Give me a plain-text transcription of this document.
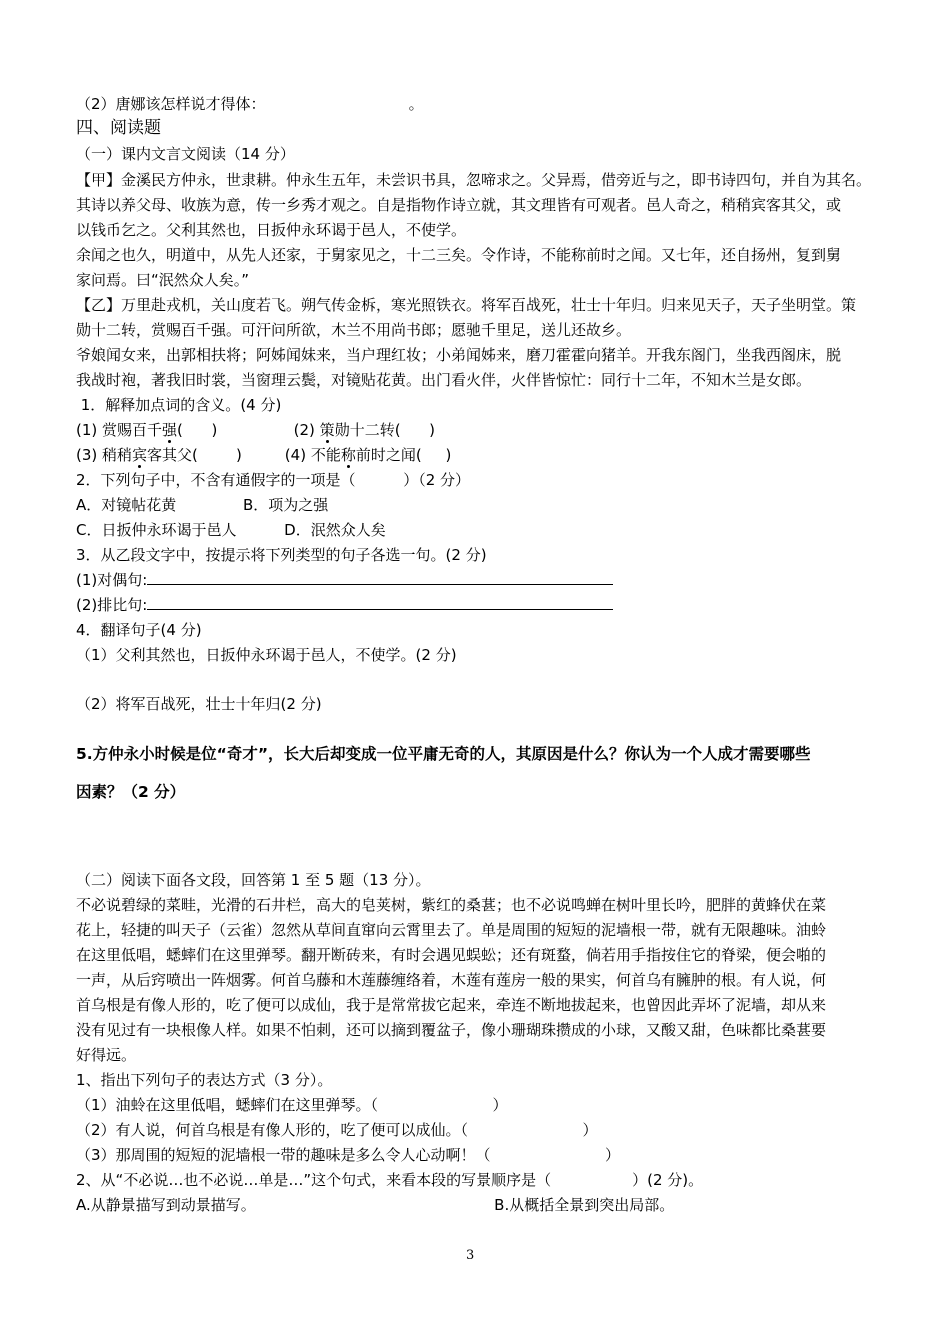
（2）唐娜该怎样说才得体：                              。
四、阅读题
（一）课内文言文阅读（14 分）
【甲】金溪民方仲永，世隶耕。仲永生五年，未尝识书具，忽啼求之。父异焉，借旁近与之，即书诗四句，并自为其名。
其诗以养父母、收族为意，传一乡秀才观之。自是指物作诗立就，其文理皆有可观者。邑人奇之，稍稍宾客其父，或
以钱币乞之。父利其然也，日扳仲永环谒于邑人，不使学。
余闻之也久，明道中，从先人还家，于舅家见之，十二三矣。令作诗，不能称前时之闻。又七年，还自扬州，复到舅
家问焉。曰“泯然众人矣。”
【乙】万里赴戎机，关山度若飞。朔气传金柝，寒光照铁衣。将军百战死，壮士十年归。归来见天子，天子坐明堂。策
勋十二转，赏赐百千强。可汗问所欲，木兰不用尚书郎；愿驰千里足，送儿还故乡。
爷娘闻女来，出郭相扶将；阿姊闻妹来，当户理红妆；小弟闻姊来，磨刀霍霍向猪羊。开我东阁门，坐我西阁床，脱
我战时袍，著我旧时裳，当窗理云鬓，对镜贴花黄。出门看火伴，火伴皆惊忙：同行十二年，不知木兰是女郎。
1．解释加点词的含义。(4 分)
(1) 赏赐百千强(      )                (2) 策勋十二转(      )
(3) 稍稍宾客其父(        )         (4) 不能称前时之闻(     )
2．下列句子中，不含有通假字的一项是（          ）（2 分）
A．对镜帖花黄              B．项为之强
C．日扳仲永环谒于邑人          D．泯然众人矣
3．从乙段文字中，按提示将下列类型的句子各选一句。(2 分)
(1)对偶句:
(2)排比句:
4．翻译句子(4 分)
（1）父利其然也，日扳仲永环谒于邑人，不使学。(2 分)
（2）将军百战死，壮士十年归(2 分)
5.方仲永小时候是位“奇才”，长大后却变成一位平庸无奇的人，其原因是什么？你认为一个人成才需要哪些
因素？（2 分）
（二）阅读下面各文段，回答第 1 至 5 题（13 分）。
不必说碧绿的菜畦，光滑的石井栏，高大的皂荚树，紫红的桑葚；也不必说鸣蝉在树叶里长吟，肥胖的黄蜂伏在菜
花上，轻捷的叫天子（云雀）忽然从草间直窜向云霄里去了。单是周围的短短的泥墙根一带，就有无限趣味。油蛉
在这里低唱，蟋蟀们在这里弹琴。翻开断砖来，有时会遇见蜈蚣；还有斑蝥，倘若用手指按住它的脊梁，便会啪的
一声，从后窍喷出一阵烟雾。何首乌藤和木莲藤缠络着，木莲有莲房一般的果实，何首乌有臃肿的根。有人说，何
首乌根是有像人形的，吃了便可以成仙，我于是常常拔它起来，牵连不断地拔起来，也曾因此弄坏了泥墙，却从来
没有见过有一块根像人样。如果不怕刺，还可以摘到覆盆子，像小珊瑚珠攒成的小球，又酸又甜，色味都比桑葚要
好得远。
1、指出下列句子的表达方式（3 分）。
（1）油蛉在这里低唱，蟋蟀们在这里弹琴。（                        ）
（2）有人说，何首乌根是有像人形的，吃了便可以成仙。（                        ）
（3）那周围的短短的泥墙根一带的趣味是多么令人心动啊！（                        ）
2、从“不必说…也不必说…单是…”这个句式，来看本段的写景顺序是（                 ）(2 分)。
A.从静景描写到动景描写。                                                  B.从概括全景到突出局部。
3
